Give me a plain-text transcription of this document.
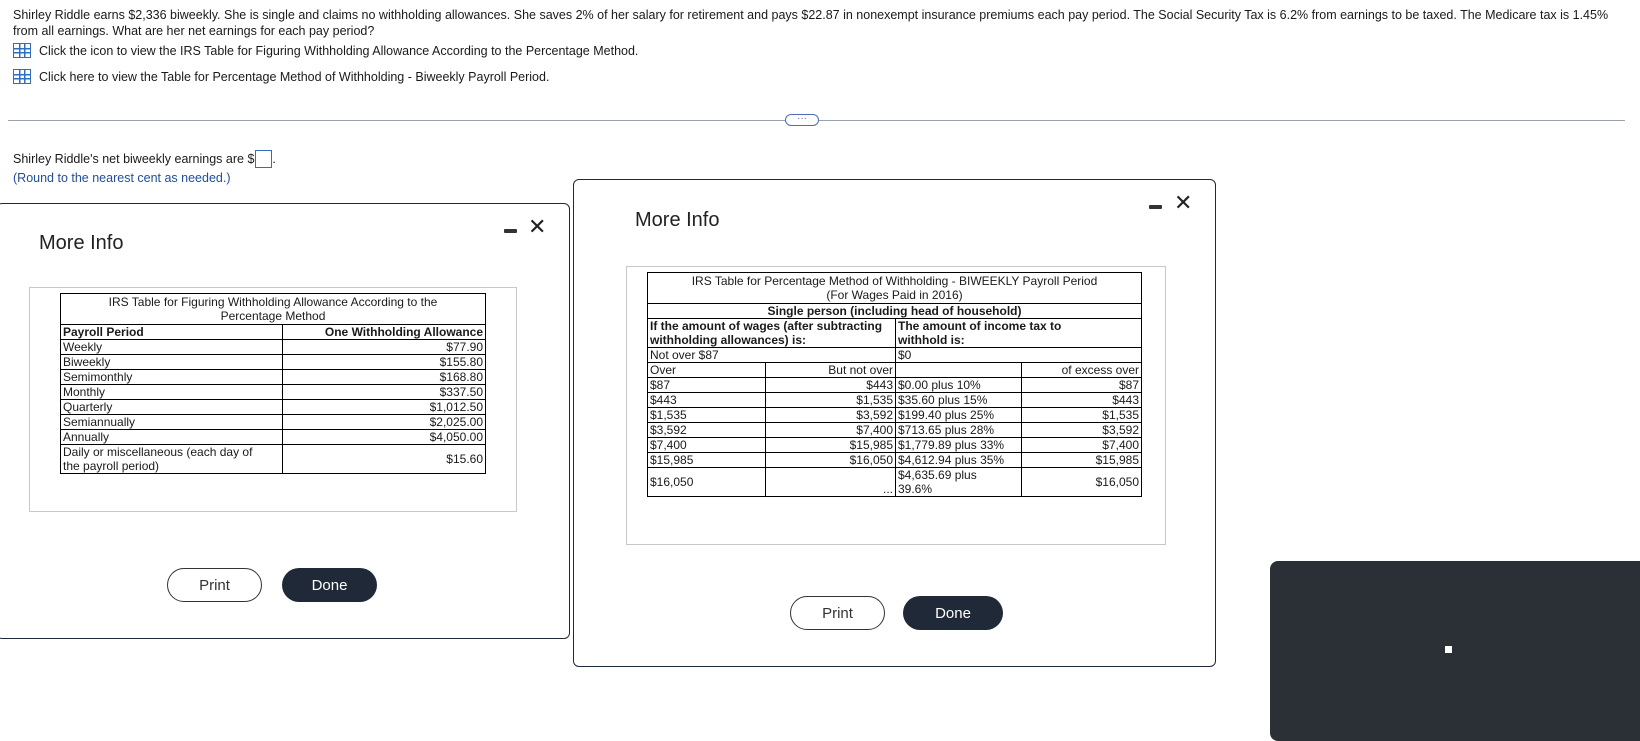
Shirley Riddle earns $2,336 biweekly. She is single and claims no withholding allowances. She saves 2% of her salary for retirement and pays $22.87 in nonexempt insurance premiums each pay period. The Social Security Tax is 6.2% from earnings to be taxed. The Medicare tax is 1.45% from all earnings. What are her net earnings for each pay period?
Click the icon to view the IRS Table for Figuring Withholding Allowance According to the Percentage Method.
Click here to view the Table for Percentage Method of Withholding - Biweekly Payroll Period.
···
Shirley Riddle's net biweekly earnings are $ .
(Round to the nearest cent as needed.)
More Info
✕
IRS Table for Figuring Withholding Allowance According to the Percentage Method	
Payroll Period	One Withholding Allowance
Weekly	$77.90
Biweekly	$155.80
Semimonthly	$168.80
Monthly	$337.50
Quarterly	$1,012.50
Semiannually	$2,025.00
Annually	$4,050.00
Daily or miscellaneous (each day of the payroll period)	$15.60
Print	Done
More Info
✕
IRS Table for Percentage Method of Withholding - BIWEEKLY Payroll Period
(For Wages Paid in 2016)			

Single person (including head of household)			
If the amount of wages (after subtracting withholding allowances) is:		The amount of income tax to withhold is:	
Not over $87		$0	
Over	But not over		of excess over
$87	$443	$0.00 plus 10%	$87
$443	$1,535	$35.60 plus 15%	$443
$1,535	$3,592	$199.40 plus 25%	$1,535
$3,592	$7,400	$713.65 plus 28%	$3,592
$7,400	$15,985	$1,779.89 plus 33%	$7,400
$15,985	$16,050	$4,612.94 plus 35%	$15,985
$16,050	...	$4,635.69 plus 39.6%	$16,050
Print	Done
